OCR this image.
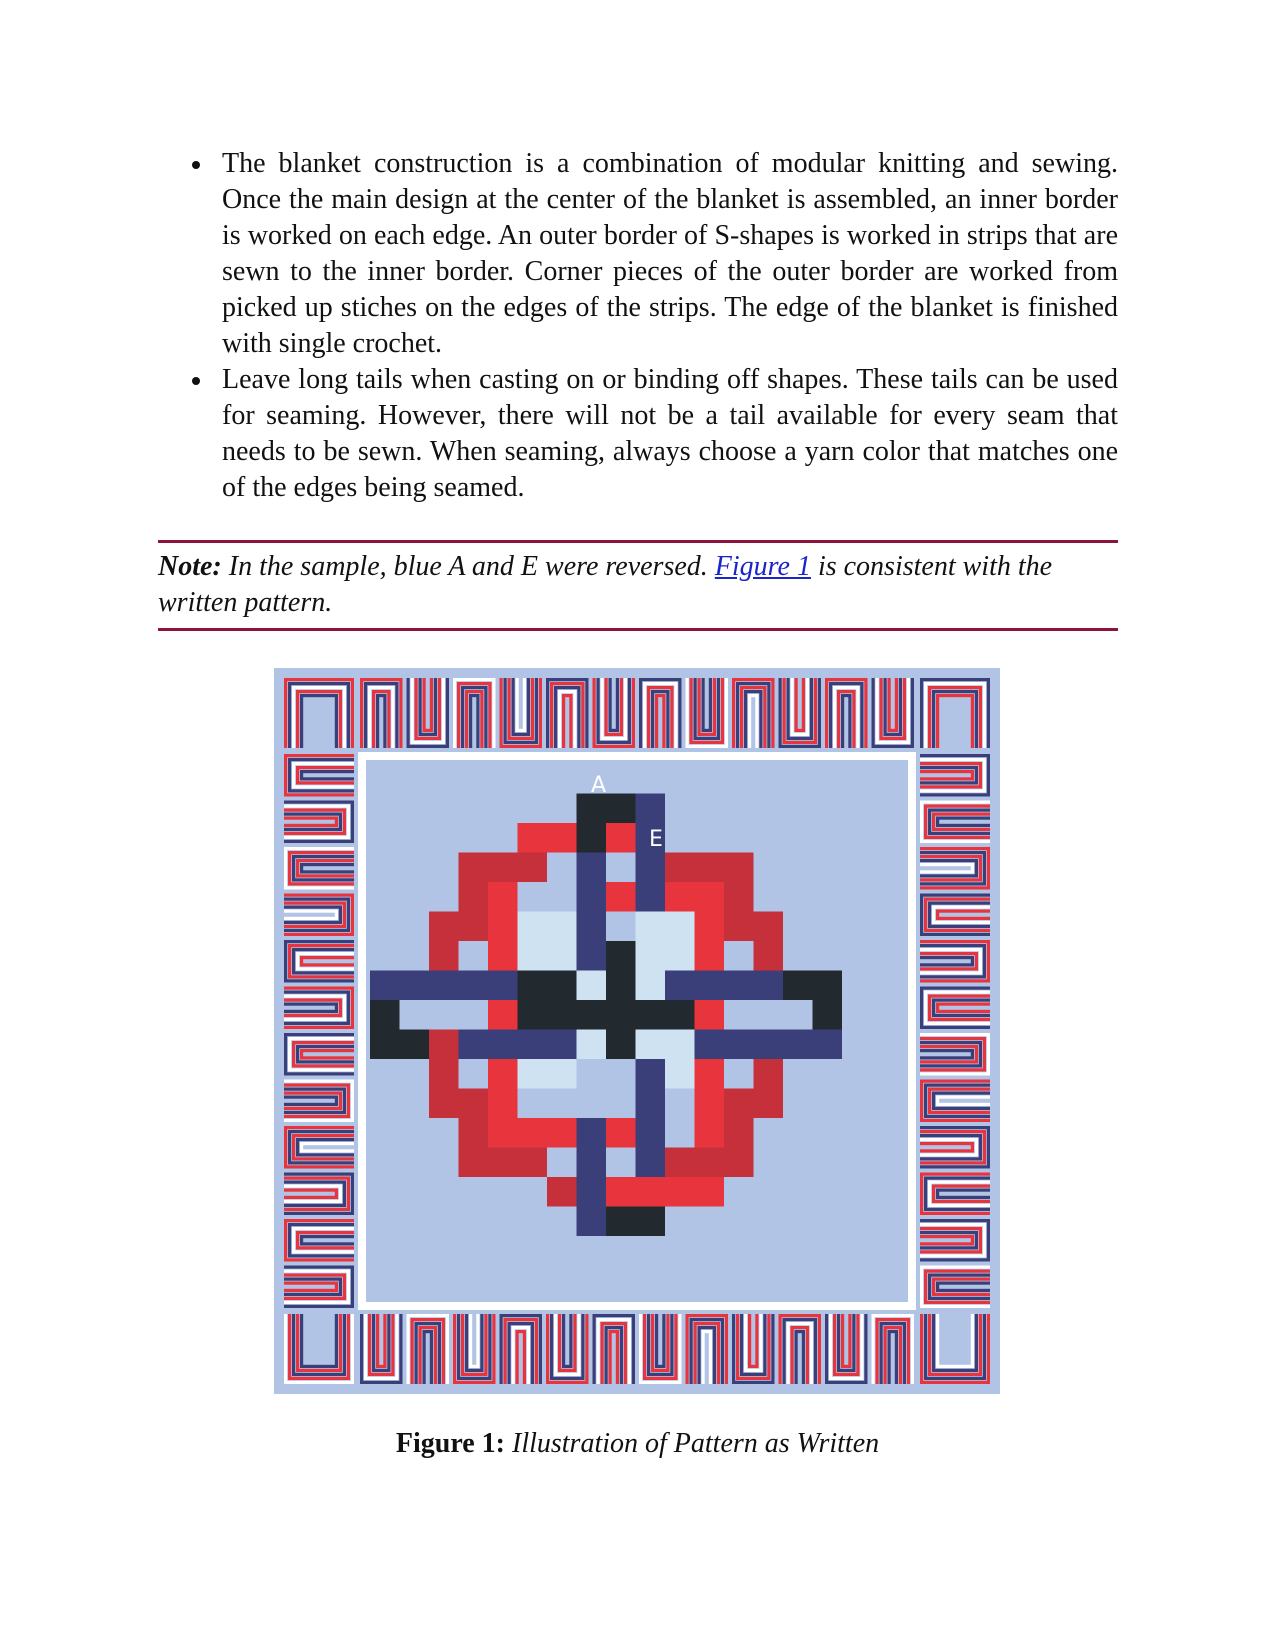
The blanket construction is a combination of modular knitting and sewing. Once the main design at the center of the blanket is assembled, an inner border is worked on each edge. An outer border of S-shapes is worked in strips that are sewn to the inner border. Corner pieces of the outer border are worked from picked up stiches on the edges of the strips. The edge of the blanket is finished with single crochet.
Leave long tails when casting on or binding off shapes. These tails can be used for seaming. However, there will not be a tail available for every seam that needs to be sewn. When seaming, always choose a yarn color that matches one of the edges being seamed.

Note: In the sample, blue A and E were reversed. Figure 1 is consistent with the written pattern.

A
E
Figure 1: Illustration of Pattern as Written
